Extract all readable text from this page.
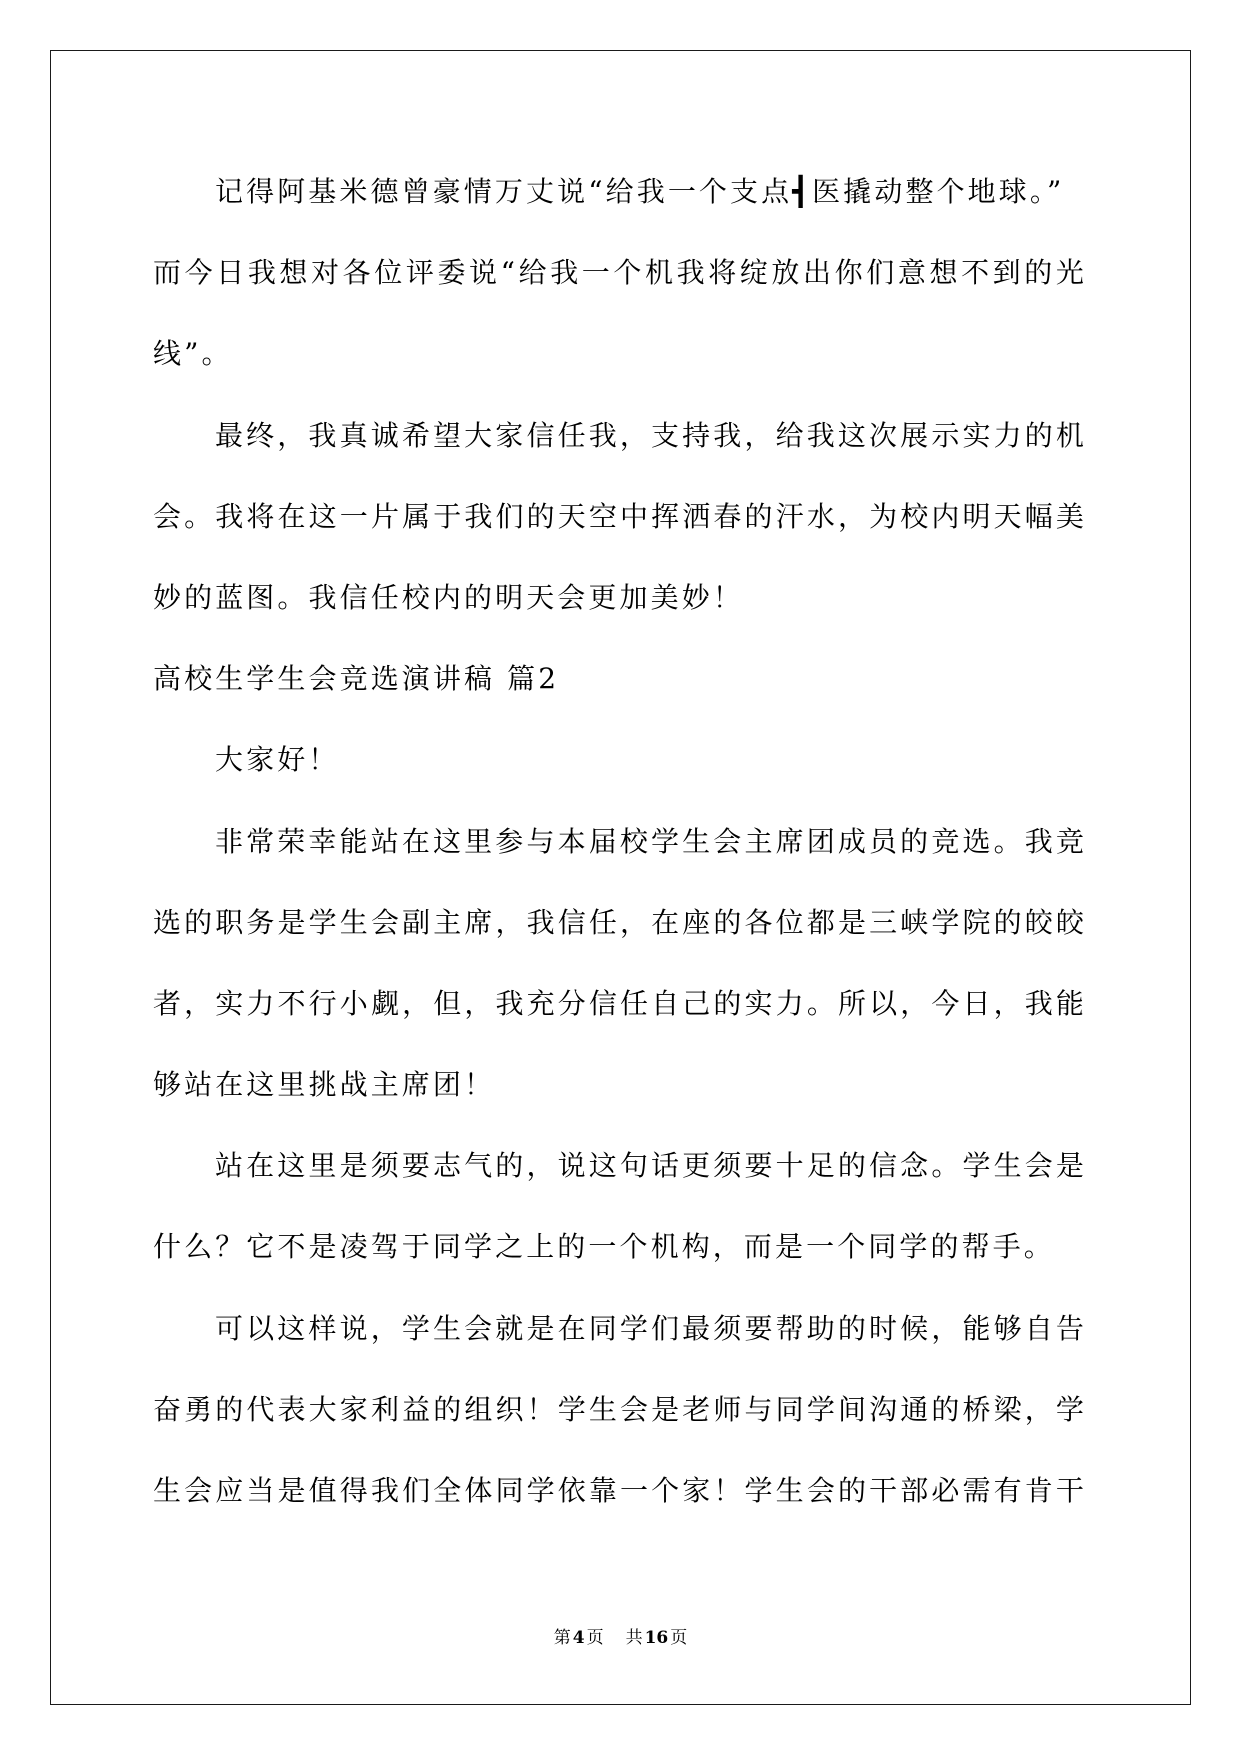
记得阿基米德曾豪情万丈说“给我一个支点┫医撬动整个地球。”
而今日我想对各位评委说“给我一个机我将绽放出你们意想不到的光
线”。
最终，我真诚希望大家信任我，支持我，给我这次展示实力的机
会。我将在这一片属于我们的天空中挥洒春的汗水，为校内明天幅美
妙的蓝图。我信任校内的明天会更加美妙！
高校生学生会竞选演讲稿 篇2
大家好！
非常荣幸能站在这里参与本届校学生会主席团成员的竞选。我竞
选的职务是学生会副主席，我信任，在座的各位都是三峡学院的皎皎
者，实力不行小觑，但，我充分信任自己的实力。所以，今日，我能
够站在这里挑战主席团！
站在这里是须要志气的，说这句话更须要十足的信念。学生会是
什么？它不是凌驾于同学之上的一个机构，而是一个同学的帮手。
可以这样说，学生会就是在同学们最须要帮助的时候，能够自告
奋勇的代表大家利益的组织！学生会是老师与同学间沟通的桥梁，学
生会应当是值得我们全体同学依靠一个家！学生会的干部必需有肯干
第 4 页 共 16 页
